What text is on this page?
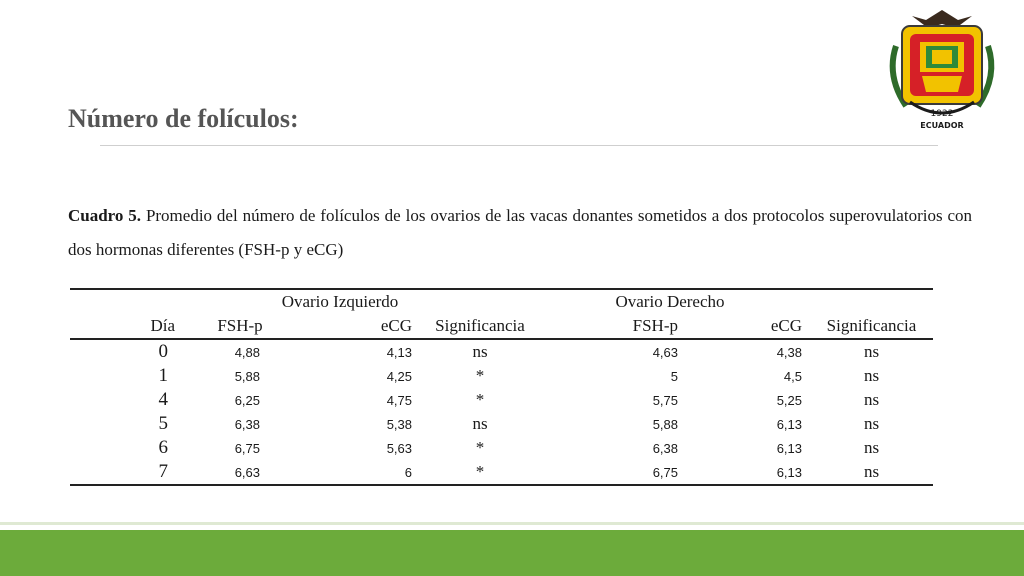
Número de folículos:	1922
ECUADOR
Cuadro 5. Promedio del número de folículos de los ovarios de las vacas donantes sometidos a dos protocolos superovulatorios con dos hormonas diferentes (FSH-p y eCG)
	Ovario Izquierdo			Ovario Derecho		
Día	FSH-p	eCG	Significancia	FSH-p	eCG	Significancia
0	4,88	4,13	ns	4,63	4,38	ns
1	5,88	4,25	*	5	4,5	ns
4	6,25	4,75	*	5,75	5,25	ns
5	6,38	5,38	ns	5,88	6,13	ns
6	6,75	5,63	*	6,38	6,13	ns
7	6,63	6	*	6,75	6,13	ns
